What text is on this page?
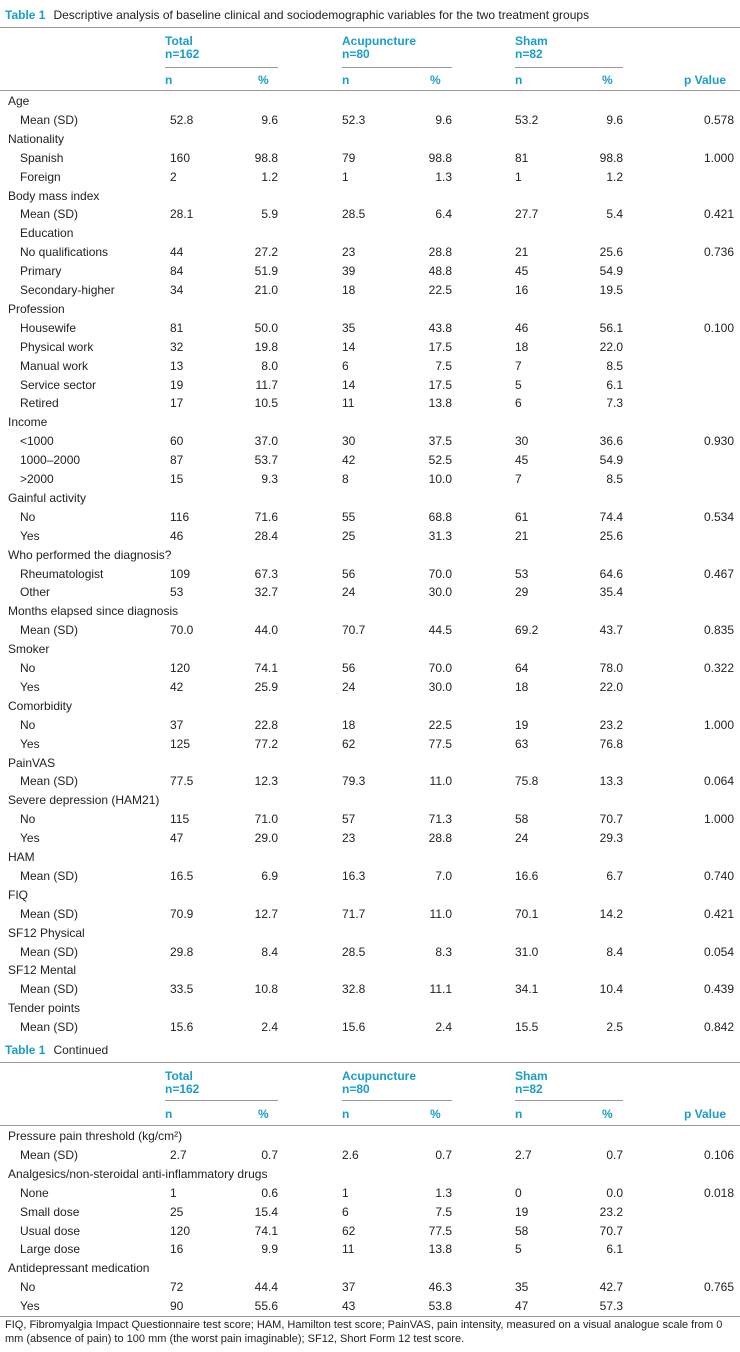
Table 1 Descriptive analysis of baseline clinical and sociodemographic variables for the two treatment groups
Total
n=162
Acupuncture
n=80
Sham
n=82
n	%	n	%	n	%	p Value
Age
Mean (SD)	52.8	9.6	52.3	9.6	53.2	9.6	0.578
Nationality
Spanish	160	98.8	79	98.8	81	98.8	1.000
Foreign	2	1.2	1	1.3	1	1.2
Body mass index
Mean (SD)	28.1	5.9	28.5	6.4	27.7	5.4	0.421
Education
No qualifications	44	27.2	23	28.8	21	25.6	0.736
Primary	84	51.9	39	48.8	45	54.9
Secondary-higher	34	21.0	18	22.5	16	19.5
Profession
Housewife	81	50.0	35	43.8	46	56.1	0.100
Physical work	32	19.8	14	17.5	18	22.0
Manual work	13	8.0	6	7.5	7	8.5
Service sector	19	11.7	14	17.5	5	6.1
Retired	17	10.5	11	13.8	6	7.3
Income
<1000	60	37.0	30	37.5	30	36.6	0.930
1000–2000	87	53.7	42	52.5	45	54.9
>2000	15	9.3	8	10.0	7	8.5
Gainful activity
No	116	71.6	55	68.8	61	74.4	0.534
Yes	46	28.4	25	31.3	21	25.6
Who performed the diagnosis?
Rheumatologist	109	67.3	56	70.0	53	64.6	0.467
Other	53	32.7	24	30.0	29	35.4
Months elapsed since diagnosis
Mean (SD)	70.0	44.0	70.7	44.5	69.2	43.7	0.835
Smoker
No	120	74.1	56	70.0	64	78.0	0.322
Yes	42	25.9	24	30.0	18	22.0
Comorbidity
No	37	22.8	18	22.5	19	23.2	1.000
Yes	125	77.2	62	77.5	63	76.8
PainVAS
Mean (SD)	77.5	12.3	79.3	11.0	75.8	13.3	0.064
Severe depression (HAM21)
No	115	71.0	57	71.3	58	70.7	1.000
Yes	47	29.0	23	28.8	24	29.3
HAM
Mean (SD)	16.5	6.9	16.3	7.0	16.6	6.7	0.740
FIQ
Mean (SD)	70.9	12.7	71.7	11.0	70.1	14.2	0.421
SF12 Physical
Mean (SD)	29.8	8.4	28.5	8.3	31.0	8.4	0.054
SF12 Mental
Mean (SD)	33.5	10.8	32.8	11.1	34.1	10.4	0.439
Tender points
Mean (SD)	15.6	2.4	15.6	2.4	15.5	2.5	0.842
Table 1 Continued
Total
n=162
Acupuncture
n=80
Sham
n=82
n	%	n	%	n	%	p Value
Pressure pain threshold (kg/cm²)
Mean (SD)	2.7	0.7	2.6	0.7	2.7	0.7	0.106
Analgesics/non-steroidal anti-inflammatory drugs
None	1	0.6	1	1.3	0	0.0	0.018
Small dose	25	15.4	6	7.5	19	23.2
Usual dose	120	74.1	62	77.5	58	70.7
Large dose	16	9.9	11	13.8	5	6.1
Antidepressant medication
No	72	44.4	37	46.3	35	42.7	0.765
Yes	90	55.6	43	53.8	47	57.3
FIQ, Fibromyalgia Impact Questionnaire test score; HAM, Hamilton test score; PainVAS, pain intensity, measured on a visual analogue scale from 0 mm (absence of pain) to 100 mm (the worst pain imaginable); SF12, Short Form 12 test score.
